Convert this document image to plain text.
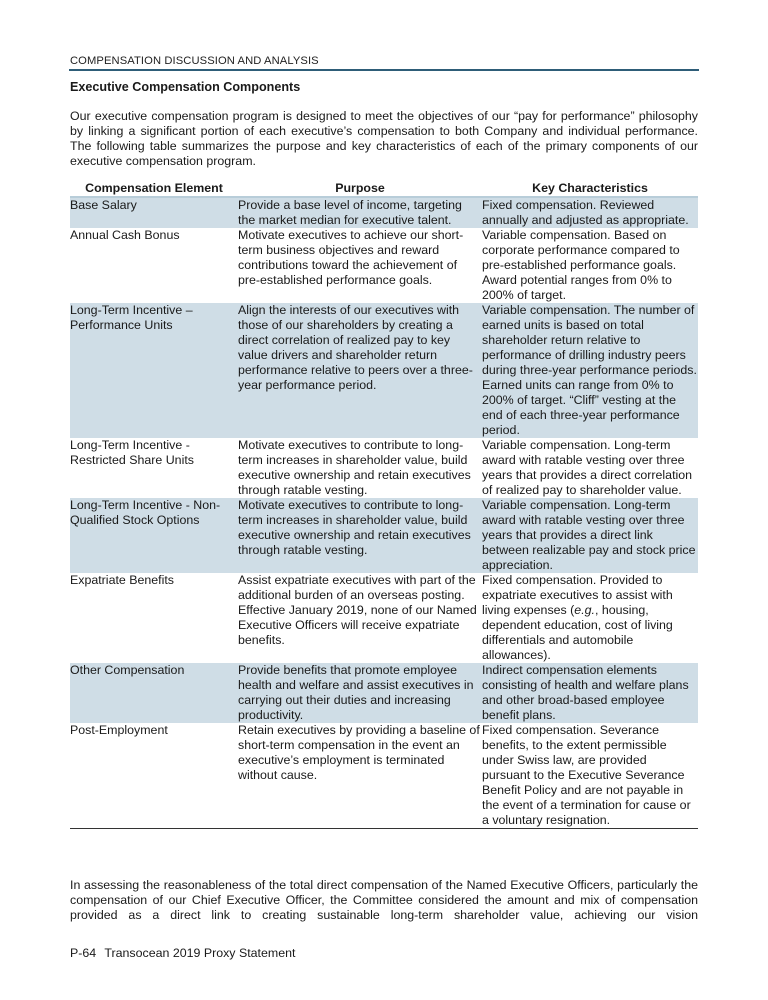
COMPENSATION DISCUSSION AND ANALYSIS
Executive Compensation Components
Our executive compensation program is designed to meet the objectives of our “pay for performance” philosophy by linking a significant portion of each executive’s compensation to both Company and individual performance. The following table summarizes the purpose and key characteristics of each of the primary components of our executive compensation program.
Compensation Element	Purpose	Key Characteristics
Base Salary	Provide a base level of income, targeting the market median for executive talent.	Fixed compensation. Reviewed annually and adjusted as appropriate.
Annual Cash Bonus	Motivate executives to achieve our short-term business objectives and reward contributions toward the achievement of pre-established performance goals.	Variable compensation. Based on corporate performance compared to pre-established performance goals. Award potential ranges from 0% to 200% of target.
Long-Term Incentive – Performance Units	Align the interests of our executives with those of our shareholders by creating a direct correlation of realized pay to key value drivers and shareholder return performance relative to peers over a three-year performance period.	Variable compensation. The number of earned units is based on total shareholder return relative to performance of drilling industry peers during three-year performance periods. Earned units can range from 0% to 200% of target. “Cliff” vesting at the end of each three-year performance period.
Long-Term Incentive - Restricted Share Units	Motivate executives to contribute to long-term increases in shareholder value, build executive ownership and retain executives through ratable vesting.	Variable compensation. Long-term award with ratable vesting over three years that provides a direct correlation of realized pay to shareholder value.
Long-Term Incentive - Non-Qualified Stock Options	Motivate executives to contribute to long-term increases in shareholder value, build executive ownership and retain executives through ratable vesting.	Variable compensation. Long-term award with ratable vesting over three years that provides a direct link between realizable pay and stock price appreciation.
Expatriate Benefits	Assist expatriate executives with part of the additional burden of an overseas posting. Effective January 2019, none of our Named Executive Officers will receive expatriate benefits.	Fixed compensation. Provided to expatriate executives to assist with living expenses (e.g., housing, dependent education, cost of living differentials and automobile allowances).
Other Compensation	Provide benefits that promote employee health and welfare and assist executives in carrying out their duties and increasing productivity.	Indirect compensation elements consisting of health and welfare plans and other broad-based employee benefit plans.
Post-Employment	Retain executives by providing a baseline of short-term compensation in the event an executive’s employment is terminated without cause.	Fixed compensation. Severance benefits, to the extent permissible under Swiss law, are provided pursuant to the Executive Severance Benefit Policy and are not payable in the event of a termination for cause or a voluntary resignation.
In assessing the reasonableness of the total direct compensation of the Named Executive Officers, particularly the compensation of our Chief Executive Officer, the Committee considered the amount and mix of compensation provided as a direct link to creating sustainable long-term shareholder value, achieving our vision
P-64 Transocean 2019 Proxy Statement
